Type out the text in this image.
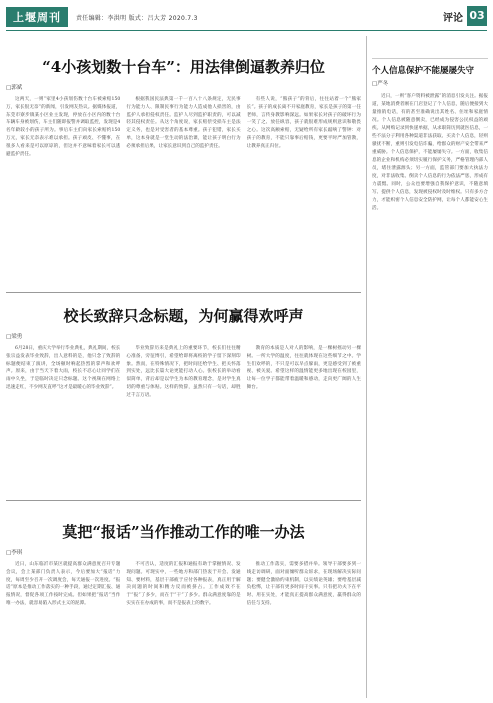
上堰周刊	责任编辑：李洪明 版式：吕大芳 2020.7.3	评论 03
“4小孩划数十台车”：用法律倒逼教养归位
□郭斌

这两天，一则“家里4小孩划伤数十台车被索赔150万，家长很无奈”的新闻，引发网友热议。据媒体报道，东莞市寮步镇某小区业主发现，停放在小区内的数十台车辆车身被划伤，车主们随即报警并调取监控，发现是4名年龄较小的孩子所为。事后车主们向家长索赔约150万元，家长无奈表示难以承担。孩子顽皮、不懂事，在很多人看来是可以原谅的，但这并不意味着家长可以逃避监护责任。

根据我国民法典第一千一百八十八条规定，无民事行为能力人、限制民事行为能力人造成他人损害的，由监护人承担侵权责任。监护人尽到监护职责的，可以减轻其侵权责任。从这个角度说，家长赔偿受损车主是法定义务，也是对受害者的基本尊重。孩子犯错，家长买单，这本身就是一堂生动的法治课，能让孩子明白行为必须承担后果，让家长意识到自己的监护责任。

有些人说，“熊孩子”的背后，往往站着一个“熊家长”。孩子的成长离不开家庭教育，家长是孩子的第一任老师，言传身教影响深远。如果家长对孩子的破坏行为一笑了之、放任纵容，孩子就很难形成规则意识和敬畏之心。这次高额索赔，无疑给所有家长敲响了警钟：对孩子的教育，不能只靠事后赔钱，更要平时严加管教，让教养真正归位。

校长致辞只念标题，为何赢得欢呼声
□梁勇

6月28日，重庆大学举行毕业典礼，典礼期间，校长张宗益发表毕业致辞，出人意料的是，他只念了致辞的标题便结束了演讲，全场顿时响起热烈的掌声和欢呼声。原来，由于当天下着大雨，校长不忍心让同学们在雨中久坐，于是临时决定只念标题。这个视频在网络上迅速走红，不少网友直呼“这才是最暖心的毕业致辞”。

毕业致辞历来是典礼上的重要环节，校长们往往精心准备，旁征博引，希望给即将离校的学子留下深刻印象。然而，在特殊情况下，把时间还给学生、把关怀落到实处，远比长篇大论更能打动人心。张校长的举动看似简单，背后却是以学生为本的教育理念，是对学生真切的尊重与体贴。这样的致辞，虽然只有一句话，却胜过千言万语。

教育的本质是人对人的影响，是一棵树摇动另一棵树。一所大学的温度，往往就体现在这些细节之中。学生们欢呼的，不只是可以早点躲雨，更是感受到了被重视、被关爱。希望这样的温情能更多地出现在校园里，让每一位学子都能带着温暖和感动，走向更广阔的人生舞台。

莫把“报话”当作推动工作的唯一办法
□李琪

近日，山东临沂市某区就提高群众满意度召开专题会议，会上某部门负责人表示，今后要加大“报话”力度，每周至少召开一次调度会，每天通报一次进度。“报话”原本是推动工作落实的一种手段，通过定期汇报、通报情况，督促各项工作按时完成。但如果把“报话”当作唯一办法，就容易陷入形式主义的泥潭。

不可否认，适度的汇报和通报有助于掌握情况、发现问题。可现实中，一些地方和部门热衷于开会、发通知、要材料，基层干部疲于应付各种报表，真正用于解决问题的时间和精力反而被挤占。工作成效不在于“报”了多少，而在于“干”了多少。群众满意度靠的是实实在在办成的事，而不是报表上的数字。

推动工作落实，需要多措并举。领导干部要多到一线走访调研，面对面倾听群众诉求，在现场解决实际问题；要健全激励约束机制，以实绩论英雄；要给基层减负松绑，让干部有更多时间干实事。只有把功夫下在平时、用在实处，才能真正提高群众满意度，赢得群众的信任与支持。

个人信息保护不能屡屡失守
□严冬

近日，一则“客户资料被泄露”的消息引发关注。据报道，某地消费者刚在门店登记了个人信息，随后便接到大量推销电话，有的甚至准确说出其姓名、住址和家庭情况。个人信息被随意倒卖，已经成为侵害公民权益的顽疾。从网购记录到快递单据，从求职简历到就医信息，一些不法分子利用各种渠道非法获取、买卖个人信息，轻则骚扰不断，重则引发电信诈骗，给群众的财产安全带来严重威胁。个人信息保护，不能屡屡失守。一方面，收集信息的企业和机构必须切实履行保护义务，严格管理内部人员，堵住泄露源头；另一方面，监管部门要加大执法力度，对非法收集、倒卖个人信息的行为依法严惩，形成有力震慑。同时，公众也要增强自我保护意识，不随意填写、提供个人信息，发现被侵权时及时维权。只有多方合力，才能织密个人信息安全防护网，让每个人都能安心生活。
